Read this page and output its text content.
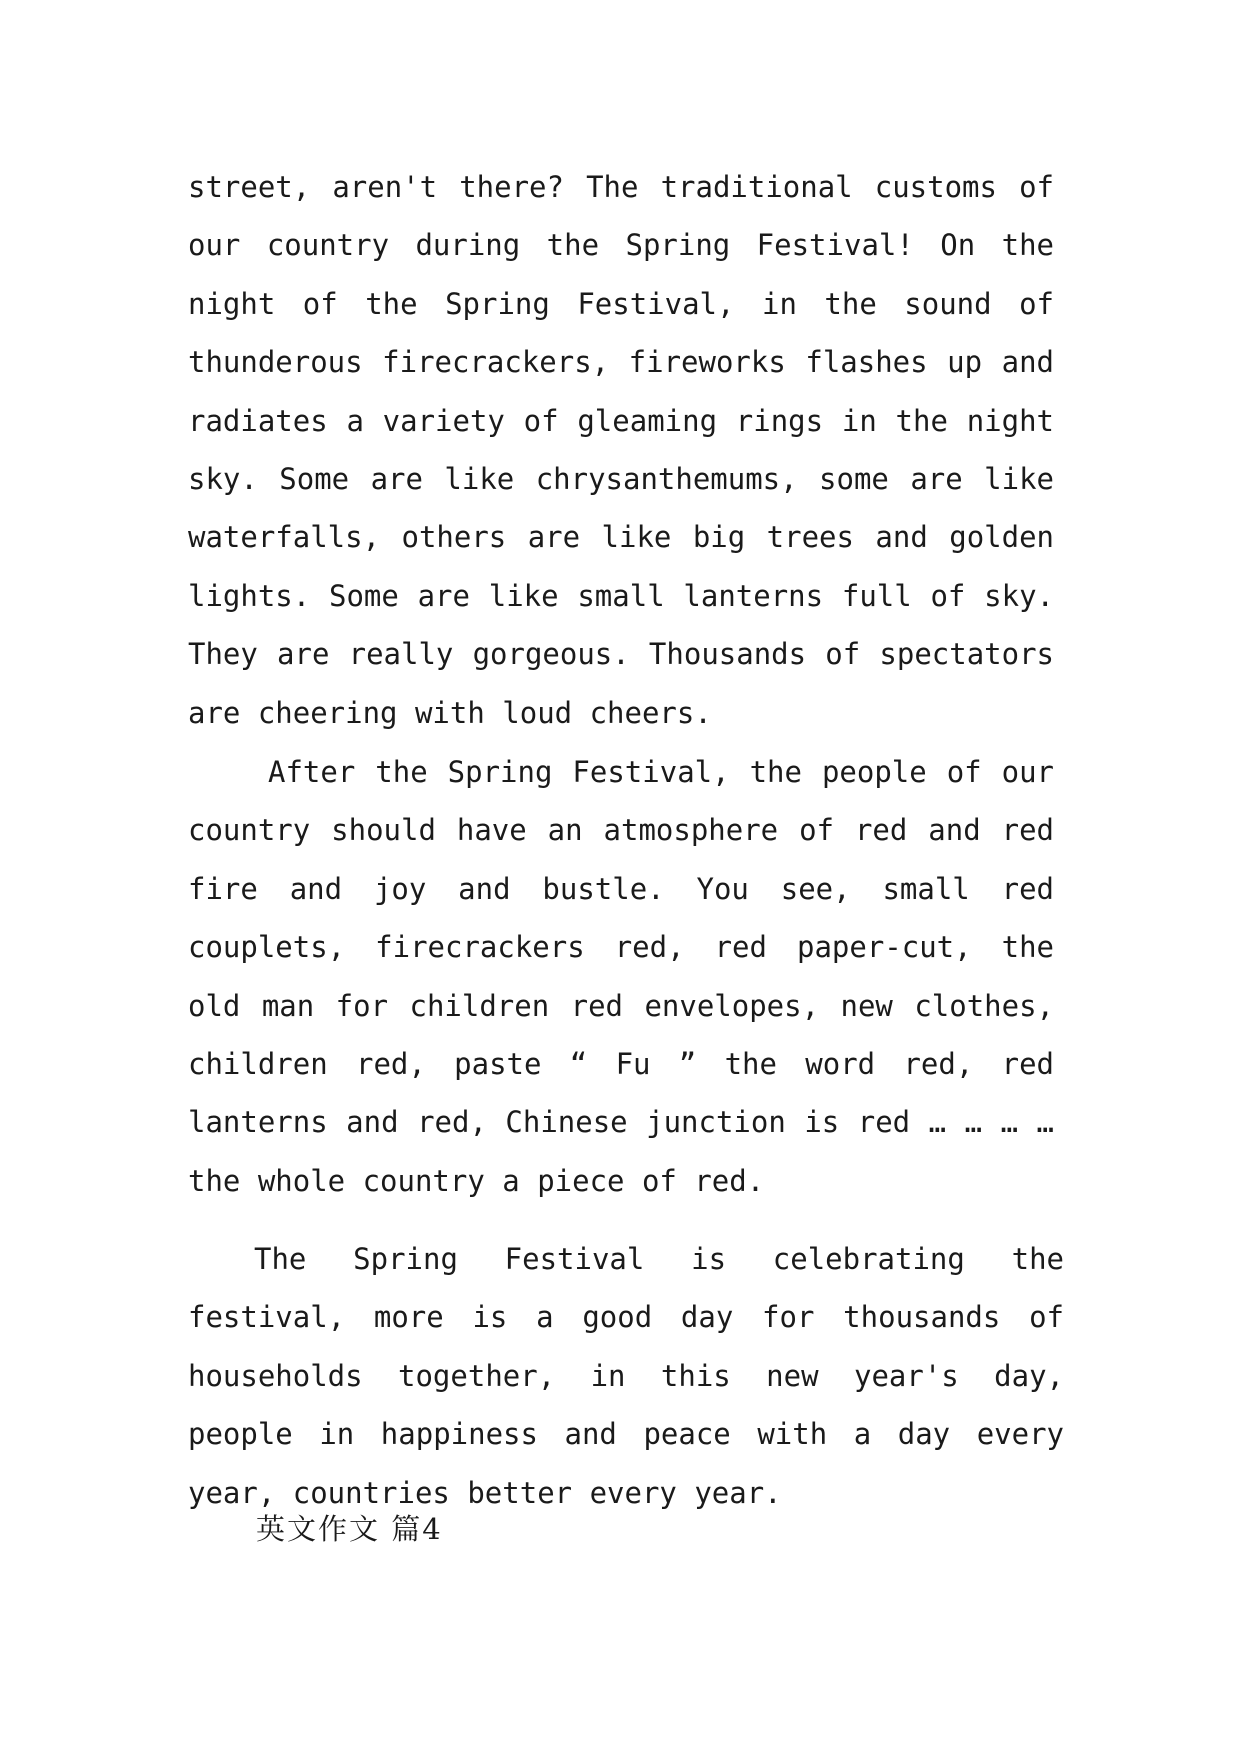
street, aren't there? The traditional customs of our country during the Spring Festival! On the night of the Spring Festival, in the sound of thunderous firecrackers, fireworks flashes up and radiates a variety of gleaming rings in the night sky. Some are like chrysanthemums, some are like waterfalls, others are like big trees and golden lights. Some are like small lanterns full of sky. They are really gorgeous. Thousands of spectators are cheering with loud cheers.

After the Spring Festival, the people of our country should have an atmosphere of red and red fire and joy and bustle. You see, small red couplets, firecrackers red, red paper-cut, the old man for children red envelopes, new clothes, children red, paste “ Fu ” the word red, red lanterns and red, Chinese junction is red … … … … the whole country a piece of red.

The Spring Festival is celebrating the festival, more is a good day for thousands of households together, in this new year's day, people in happiness and peace with a day every year, countries better every year.

英文作文 篇4
